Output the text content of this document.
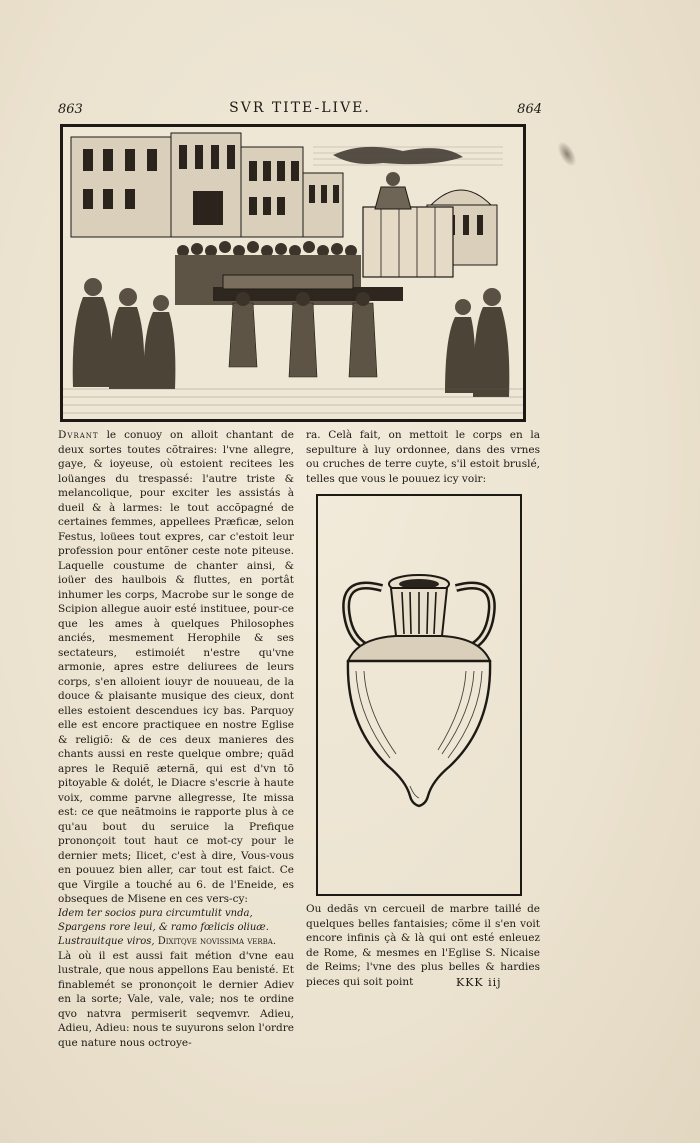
863	SVR TITE-LIVE.	864

Dvrant le conuoy on alloit chantant de deux sortes toutes cõtraires: l'vne allegre, gaye, & ioyeuse, où estoient recitees les loüanges du trespassé: l'autre triste & melancolique, pour exciter les assistás à dueil & à larmes: le tout accõpagné de certaines femmes, appellees Præficæ, selon Festus, loüees tout expres, car c'estoit leur profession pour entõner ceste note piteuse. Laquelle coustume de chanter ainsi, & ioüer des haulbois & fluttes, en portât inhumer les corps, Macrobe sur le songe de Scipion allegue auoir esté instituee, pour-ce que les ames à quelques Philosophes anciés, mesmement Herophile & ses sectateurs, estimoiét n'estre qu'vne armonie, apres estre deliurees de leurs corps, s'en alloient iouyr de nouueau, de la douce & plaisante musique des cieux, dont elles estoient descendues icy bas. Parquoy elle est encore practiquee en nostre Eglise & religiõ: & de ces deux manieres des chants aussi en reste quelque ombre; quãd apres le Requiẽ æternã, qui est d'vn tõ pitoyable & dolét, le Diacre s'escrie à haute voix, comme parvne allegresse, Ite missa est: ce que neãtmoins ie rapporte plus à ce qu'au bout du seruice la Prefique prononçoit tout haut ce mot-cy pour le dernier mets; Ilicet, c'est à dire, Vous-vous en pouuez bien aller, car tout est faict. Ce que Virgile a touché au 6. de l'Eneide, es obseques de Misene en ces vers-cy:

Idem ter socios pura circumtulit vnda,

Spargens rore leui, & ramo fœlicis oliuæ.

Lustrauitque viros, Dixitqve novissima verba.

Là où il est aussi fait métion d'vne eau lustrale, que nous appellons Eau benisté. Et finablemét se prononçoit le dernier Adiev en la sorte; Vale, vale, vale; nos te ordine qvo natvra permiserit seqvemvr. Adieu, Adieu, Adieu: nous te suyurons selon l'ordre que nature nous octroye-

ra. Celà fait, on mettoit le corps en la sepulture à luy ordonnee, dans des vrnes ou cruches de terre cuyte, s'il estoit bruslé, telles que vous le pouuez icy voir:

Ou dedãs vn cercueil de marbre taillé de quelques belles fantaisies; cõme il s'en voit encore infinis çà & là qui ont esté enleuez de Rome, & mesmes en l'Eglise S. Nicaise de Reims; l'vne des plus belles & hardies pieces qui soit point	KKK iij
